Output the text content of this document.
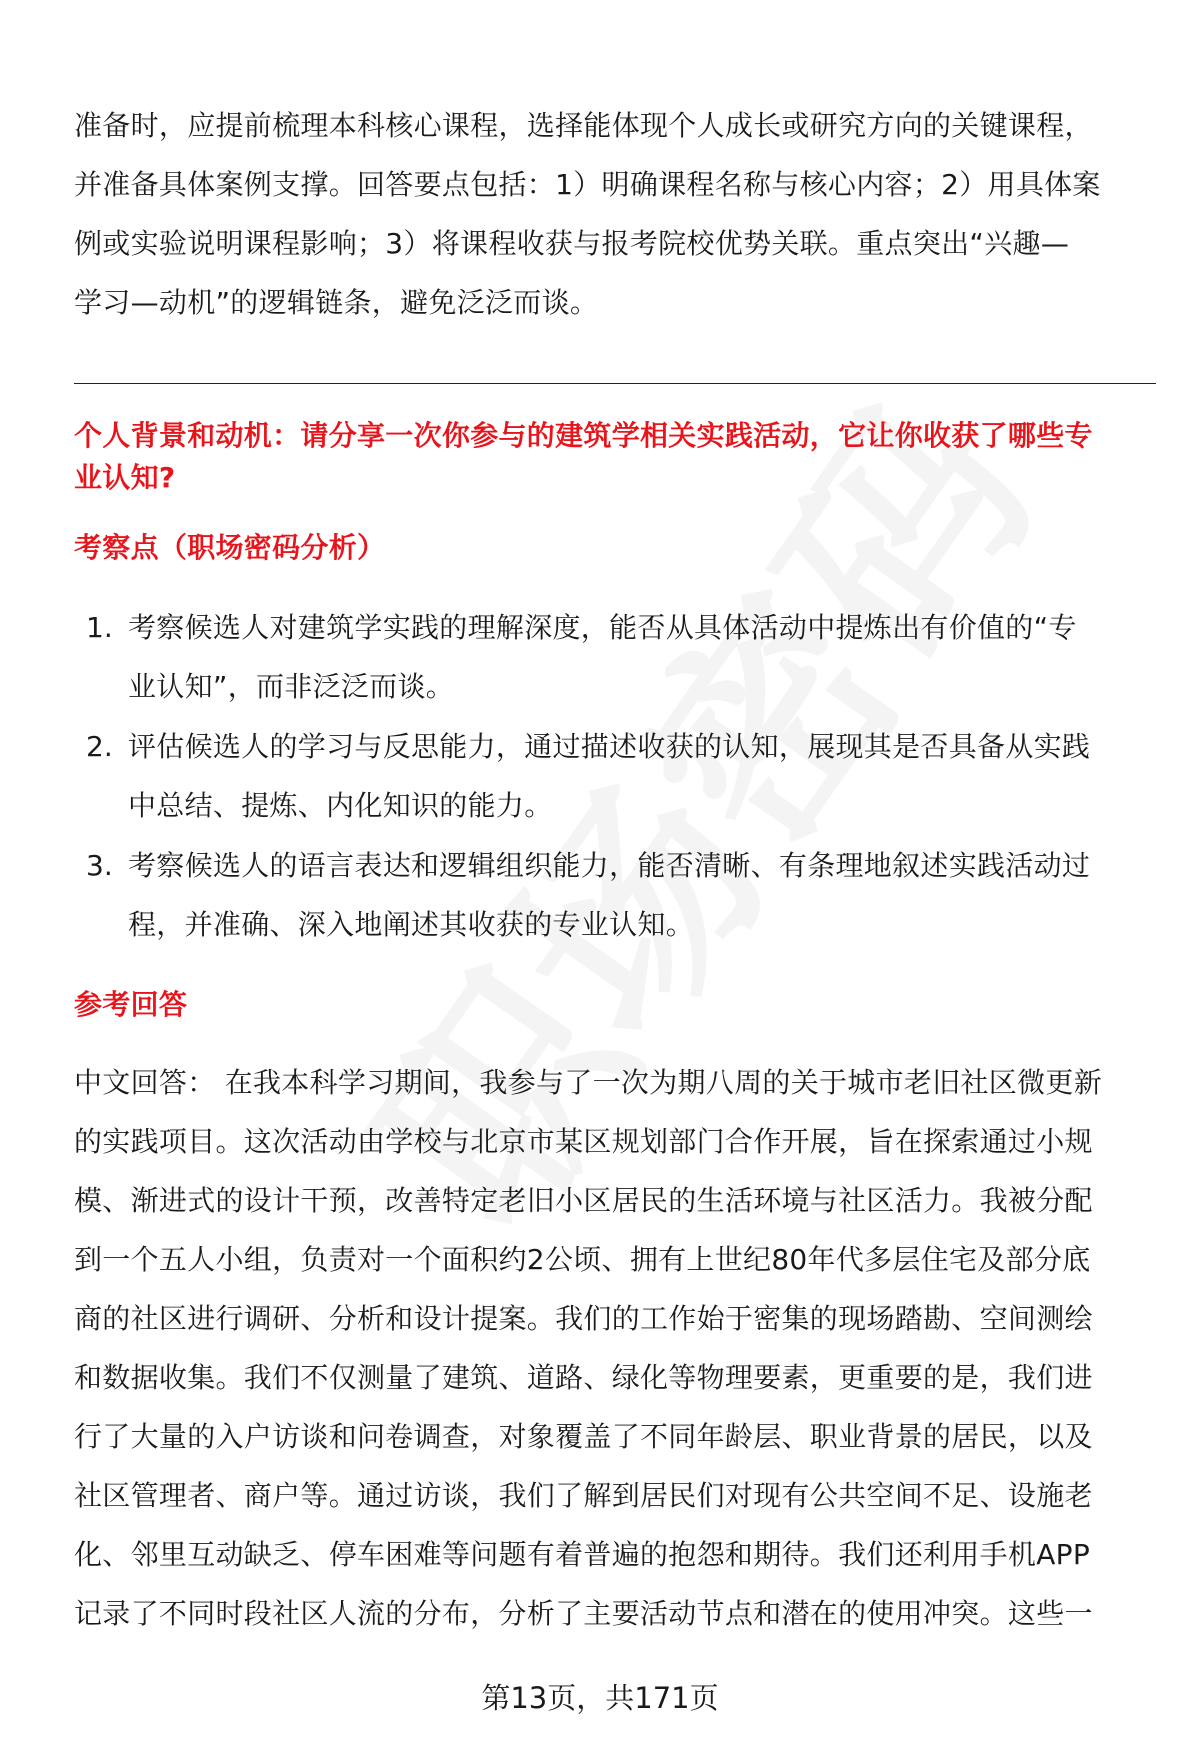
准备时，应提前梳理本科核心课程，选择能体现个人成长或研究方向的关键课程，
并准备具体案例支撑。回答要点包括：1）明确课程名称与核心内容；2）用具体案
例或实验说明课程影响；3）将课程收获与报考院校优势关联。重点突出“兴趣—
学习—动机”的逻辑链条，避免泛泛而谈。
个人背景和动机：请分享一次你参与的建筑学相关实践活动，它让你收获了哪些专
业认知?
考察点（职场密码分析）
1. 考察候选人对建筑学实践的理解深度，能否从具体活动中提炼出有价值的“专
业认知”，而非泛泛而谈。
2. 评估候选人的学习与反思能力，通过描述收获的认知，展现其是否具备从实践
中总结、提炼、内化知识的能力。
3. 考察候选人的语言表达和逻辑组织能力，能否清晰、有条理地叙述实践活动过
程，并准确、深入地阐述其收获的专业认知。
参考回答
中文回答： 在我本科学习期间，我参与了一次为期八周的关于城市老旧社区微更新
的实践项目。这次活动由学校与北京市某区规划部门合作开展，旨在探索通过小规
模、渐进式的设计干预，改善特定老旧小区居民的生活环境与社区活力。我被分配
到一个五人小组，负责对一个面积约2公顷、拥有上世纪80年代多层住宅及部分底
商的社区进行调研、分析和设计提案。我们的工作始于密集的现场踏勘、空间测绘
和数据收集。我们不仅测量了建筑、道路、绿化等物理要素，更重要的是，我们进
行了大量的入户访谈和问卷调查，对象覆盖了不同年龄层、职业背景的居民，以及
社区管理者、商户等。通过访谈，我们了解到居民们对现有公共空间不足、设施老
化、邻里互动缺乏、停车困难等问题有着普遍的抱怨和期待。我们还利用手机APP
记录了不同时段社区人流的分布，分析了主要活动节点和潜在的使用冲突。这些一
第13页，共171页
